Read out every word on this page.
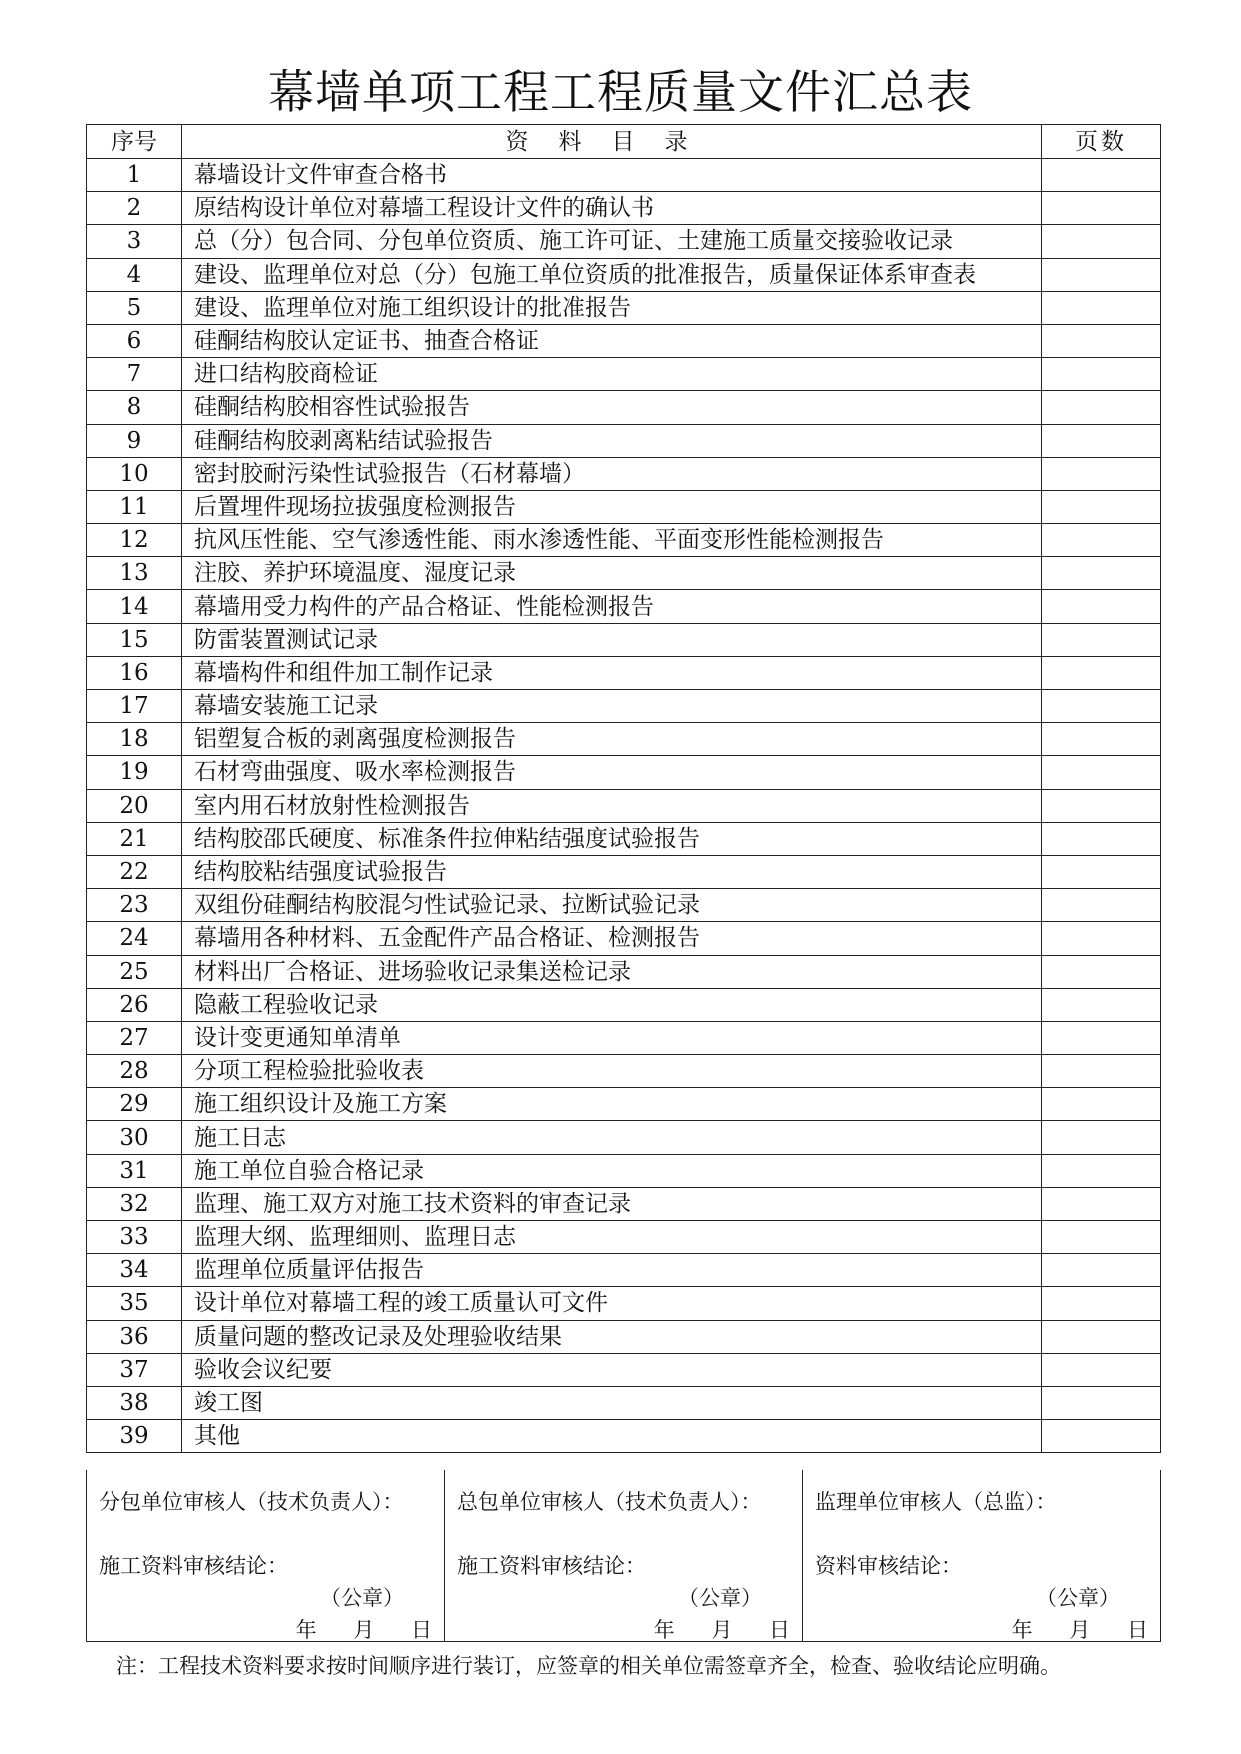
幕墙单项工程工程质量文件汇总表
序号	资料目录	页数
1	幕墙设计文件审查合格书	
2	原结构设计单位对幕墙工程设计文件的确认书	
3	总（分）包合同、分包单位资质、施工许可证、土建施工质量交接验收记录	
4	建设、监理单位对总（分）包施工单位资质的批准报告，质量保证体系审查表	
5	建设、监理单位对施工组织设计的批准报告	
6	硅酮结构胶认定证书、抽查合格证	
7	进口结构胶商检证	
8	硅酮结构胶相容性试验报告	
9	硅酮结构胶剥离粘结试验报告	
10	密封胶耐污染性试验报告（石材幕墙）	
11	后置埋件现场拉拔强度检测报告	
12	抗风压性能、空气渗透性能、雨水渗透性能、平面变形性能检测报告	
13	注胶、养护环境温度、湿度记录	
14	幕墙用受力构件的产品合格证、性能检测报告	
15	防雷装置测试记录	
16	幕墙构件和组件加工制作记录	
17	幕墙安装施工记录	
18	铝塑复合板的剥离强度检测报告	
19	石材弯曲强度、吸水率检测报告	
20	室内用石材放射性检测报告	
21	结构胶邵氏硬度、标准条件拉伸粘结强度试验报告	
22	结构胶粘结强度试验报告	
23	双组份硅酮结构胶混匀性试验记录、拉断试验记录	
24	幕墙用各种材料、五金配件产品合格证、检测报告	
25	材料出厂合格证、进场验收记录集送检记录	
26	隐蔽工程验收记录	
27	设计变更通知单清单	
28	分项工程检验批验收表	
29	施工组织设计及施工方案	
30	施工日志	
31	施工单位自验合格记录	
32	监理、施工双方对施工技术资料的审查记录	
33	监理大纲、监理细则、监理日志	
34	监理单位质量评估报告	
35	设计单位对幕墙工程的竣工质量认可文件	
36	质量问题的整改记录及处理验收结果	
37	验收会议纪要	
38	竣工图	
39	其他	
分包单位审核人（技术负责人）：
施工资料审核结论：
（公章）
年 月 日

总包单位审核人（技术负责人）：
施工资料审核结论：
（公章）
年 月 日

监理单位审核人（总监）：
资料审核结论：
（公章）
年 月 日
注：工程技术资料要求按时间顺序进行装订，应签章的相关单位需签章齐全，检查、验收结论应明确。
